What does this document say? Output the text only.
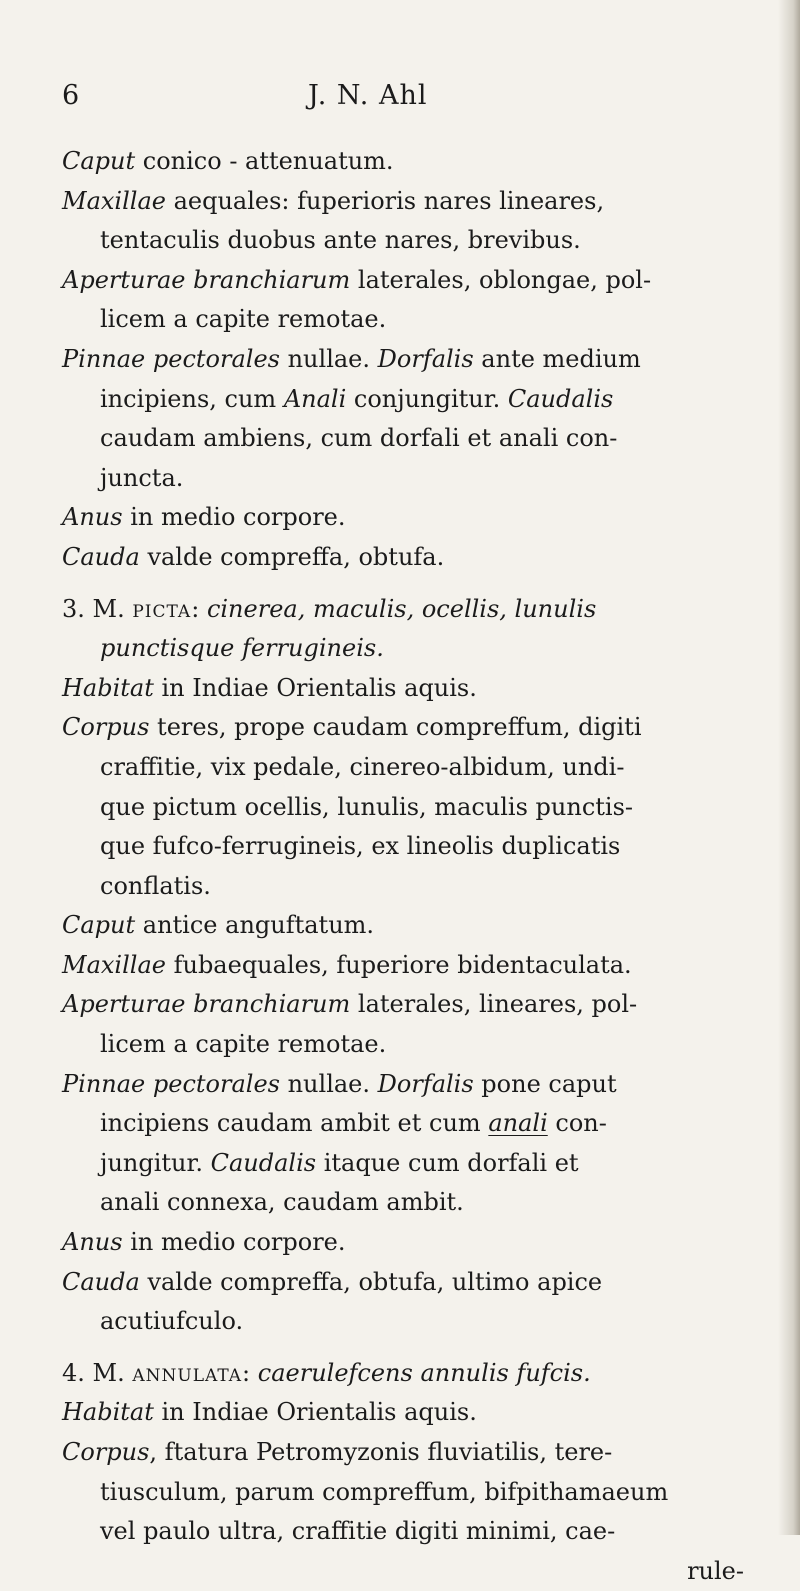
6	J. N. Ahl
Caput conico - attenuatum.
Maxillae aequales: fuperioris nares lineares,
tentaculis duobus ante nares, brevibus.
Aperturae branchiarum laterales, oblongae, pol-
licem a capite remotae.
Pinnae pectorales nullae. Dorfalis ante medium
incipiens, cum Anali conjungitur. Caudalis
caudam ambiens, cum dorfali et anali con-
juncta.
Anus in medio corpore.
Cauda valde compreffa, obtufa.
3. M. picta: cinerea, maculis, ocellis, lunulis
punctisque ferrugineis.
Habitat in Indiae Orientalis aquis.
Corpus teres, prope caudam compreffum, digiti
craffitie, vix pedale, cinereo-albidum, undi-
que pictum ocellis, lunulis, maculis punctis-
que fufco-ferrugineis, ex lineolis duplicatis
conflatis.
Caput antice anguftatum.
Maxillae fubaequales, fuperiore bidentaculata.
Aperturae branchiarum laterales, lineares, pol-
licem a capite remotae.
Pinnae pectorales nullae. Dorfalis pone caput
incipiens caudam ambit et cum anali con-
jungitur. Caudalis itaque cum dorfali et
anali connexa, caudam ambit.
Anus in medio corpore.
Cauda valde compreffa, obtufa, ultimo apice
acutiufculo.
4. M. annulata: caerulefcens annulis fufcis.
Habitat in Indiae Orientalis aquis.
Corpus, ftatura Petromyzonis fluviatilis, tere-
tiusculum, parum compreffum, bifpithamaeum
vel paulo ultra, craffitie digiti minimi, cae-
rule-
